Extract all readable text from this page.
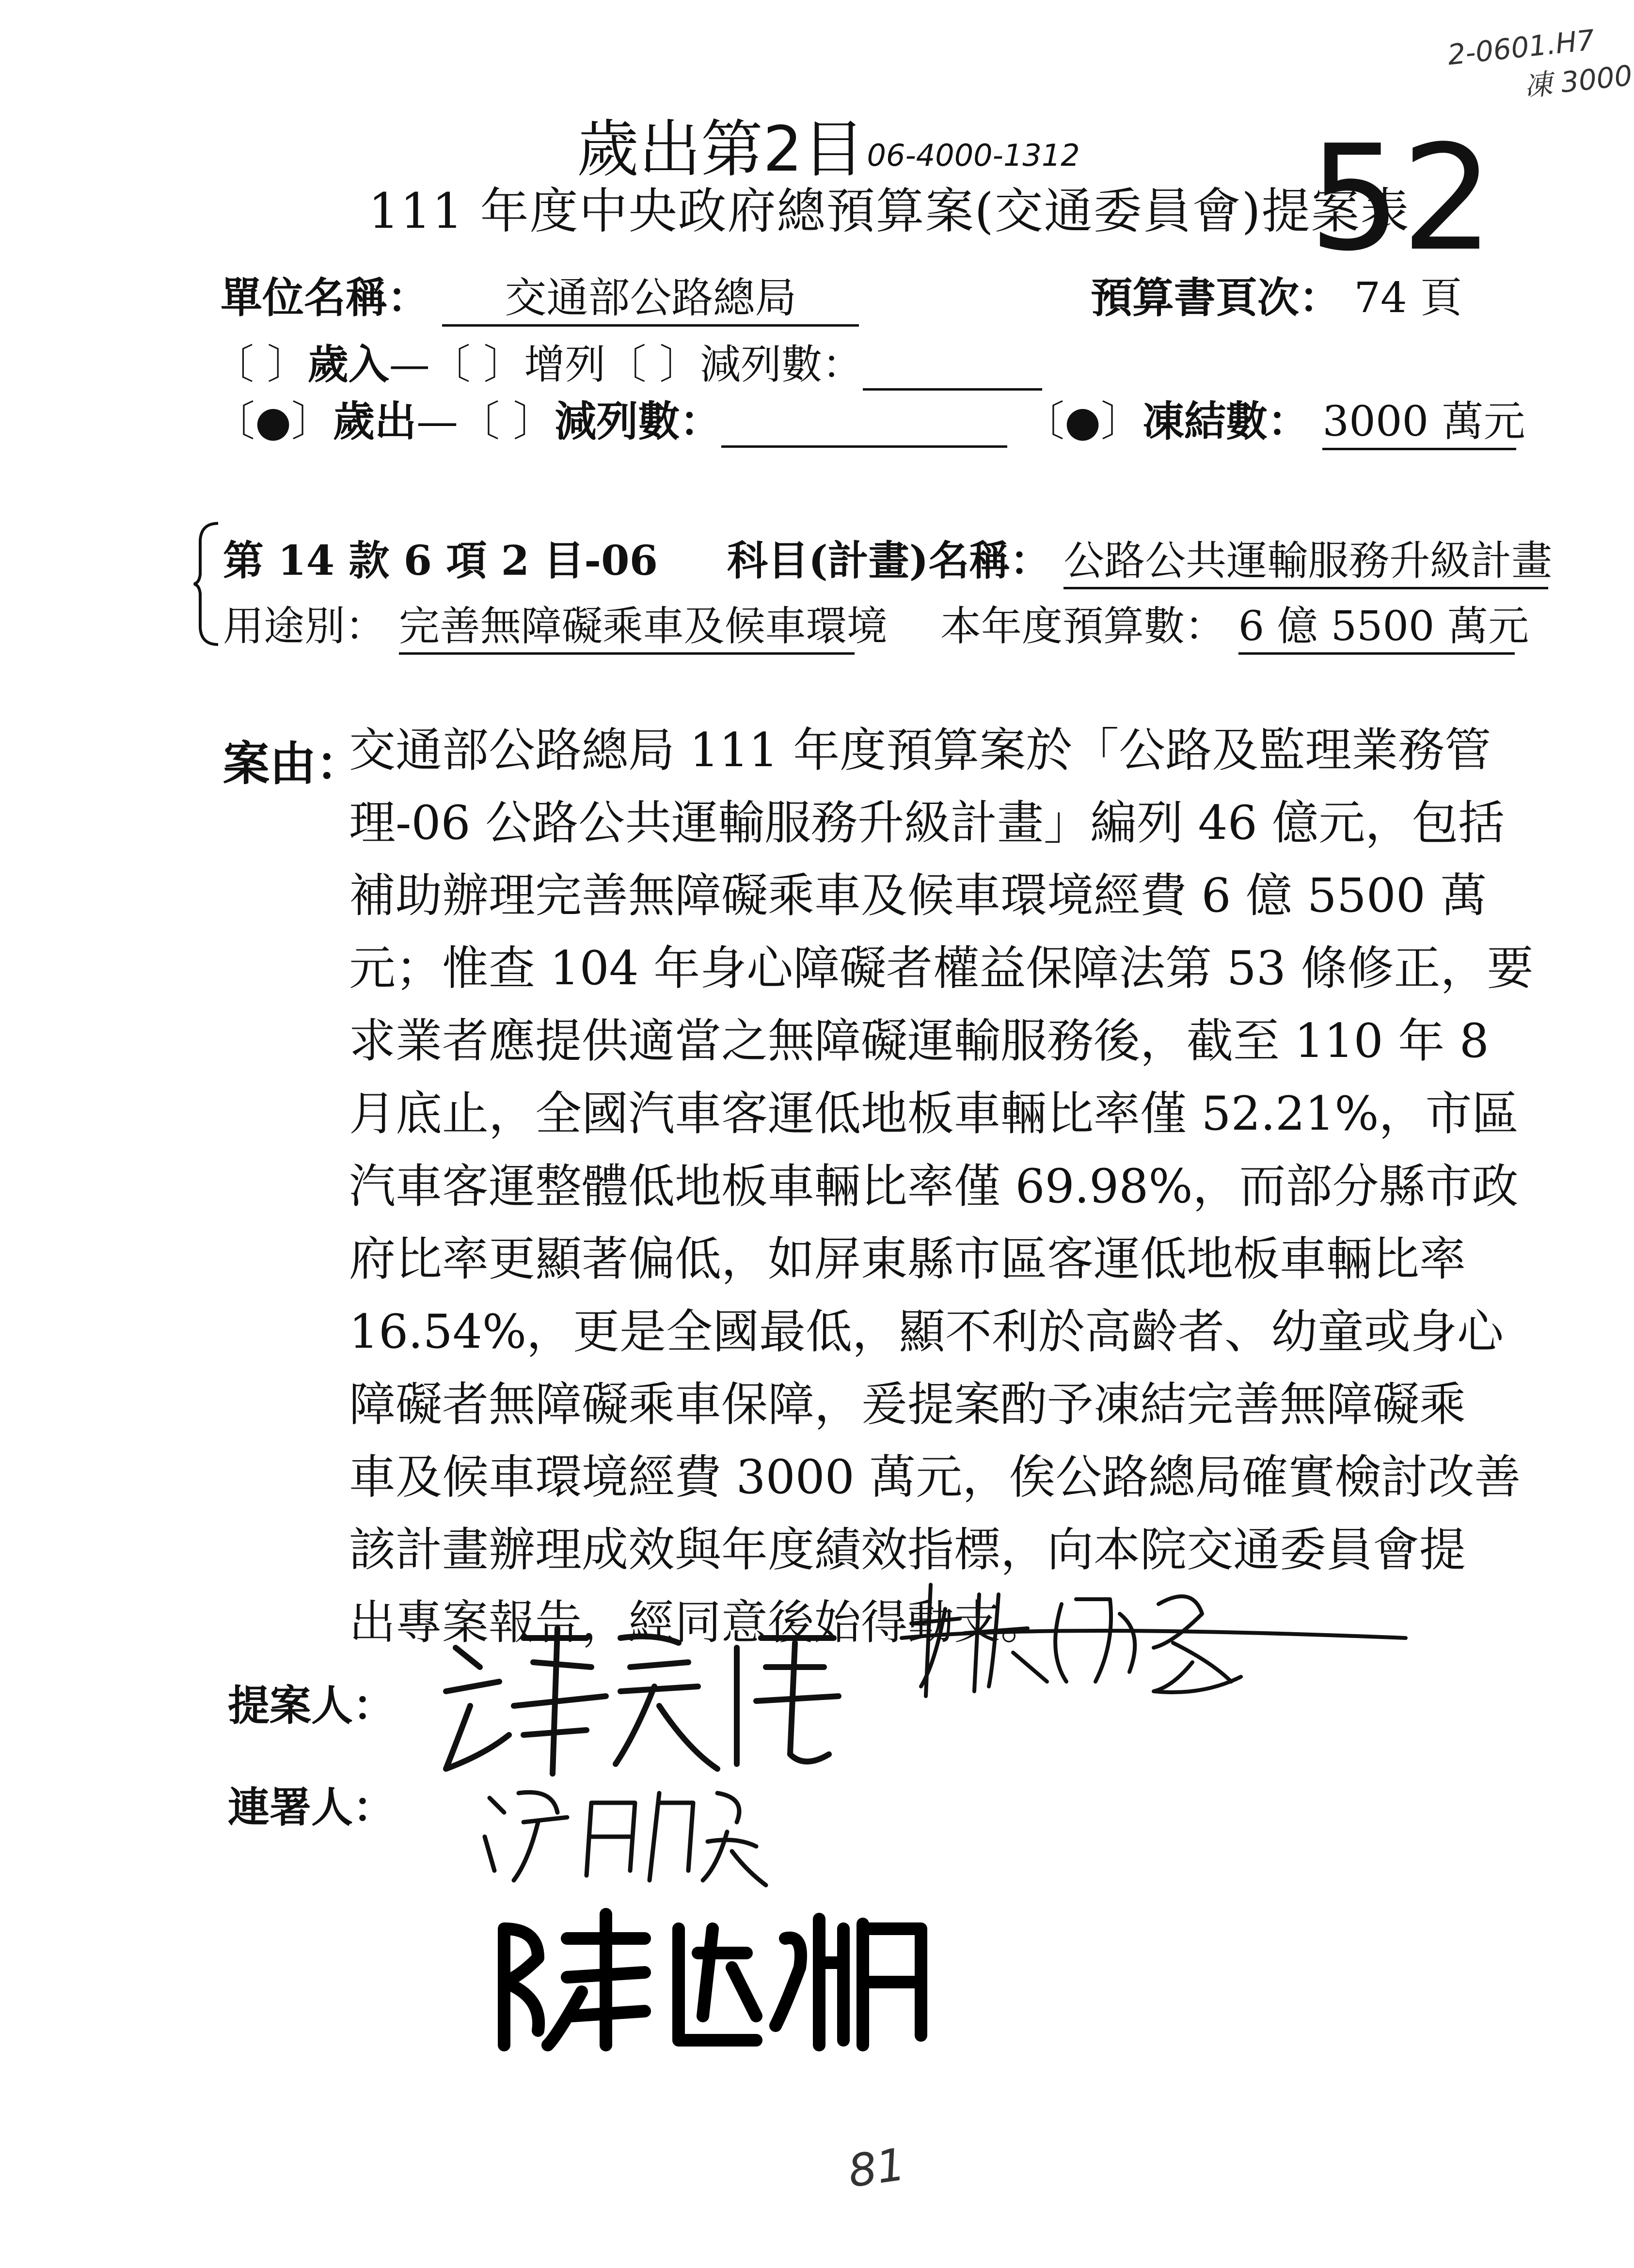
2-0601.H7
凍 3000
歲出第2目 06-4000-1312
111 年度中央政府總預算案(交通委員會)提案表
52
單位名稱： 交通部公路總局	預算書頁次： 74 頁
〔 〕歲入—〔 〕增列〔 〕減列數：
〔●〕歲出—〔 〕減列數：	〔●〕凍結數： 3000 萬元
第 14 款 6 項 2 目-06 科目(計畫)名稱： 公路公共運輸服務升級計畫
用途別： 完善無障礙乘車及候車環境 本年度預算數： 6 億 5500 萬元
案由：
交通部公路總局 111 年度預算案於「公路及監理業務管
理-06 公路公共運輸服務升級計畫」編列 46 億元，包括
補助辦理完善無障礙乘車及候車環境經費 6 億 5500 萬
元；惟查 104 年身心障礙者權益保障法第 53 條修正，要
求業者應提供適當之無障礙運輸服務後，截至 110 年 8
月底止，全國汽車客運低地板車輛比率僅 52.21%，市區
汽車客運整體低地板車輛比率僅 69.98%，而部分縣市政
府比率更顯著偏低，如屏東縣市區客運低地板車輛比率
16.54%，更是全國最低，顯不利於高齡者、幼童或身心
障礙者無障礙乘車保障，爰提案酌予凍結完善無障礙乘
車及候車環境經費 3000 萬元，俟公路總局確實檢討改善
該計畫辦理成效與年度績效指標，向本院交通委員會提
出專案報告，經同意後始得動支。
提案人：
連署人：
81
